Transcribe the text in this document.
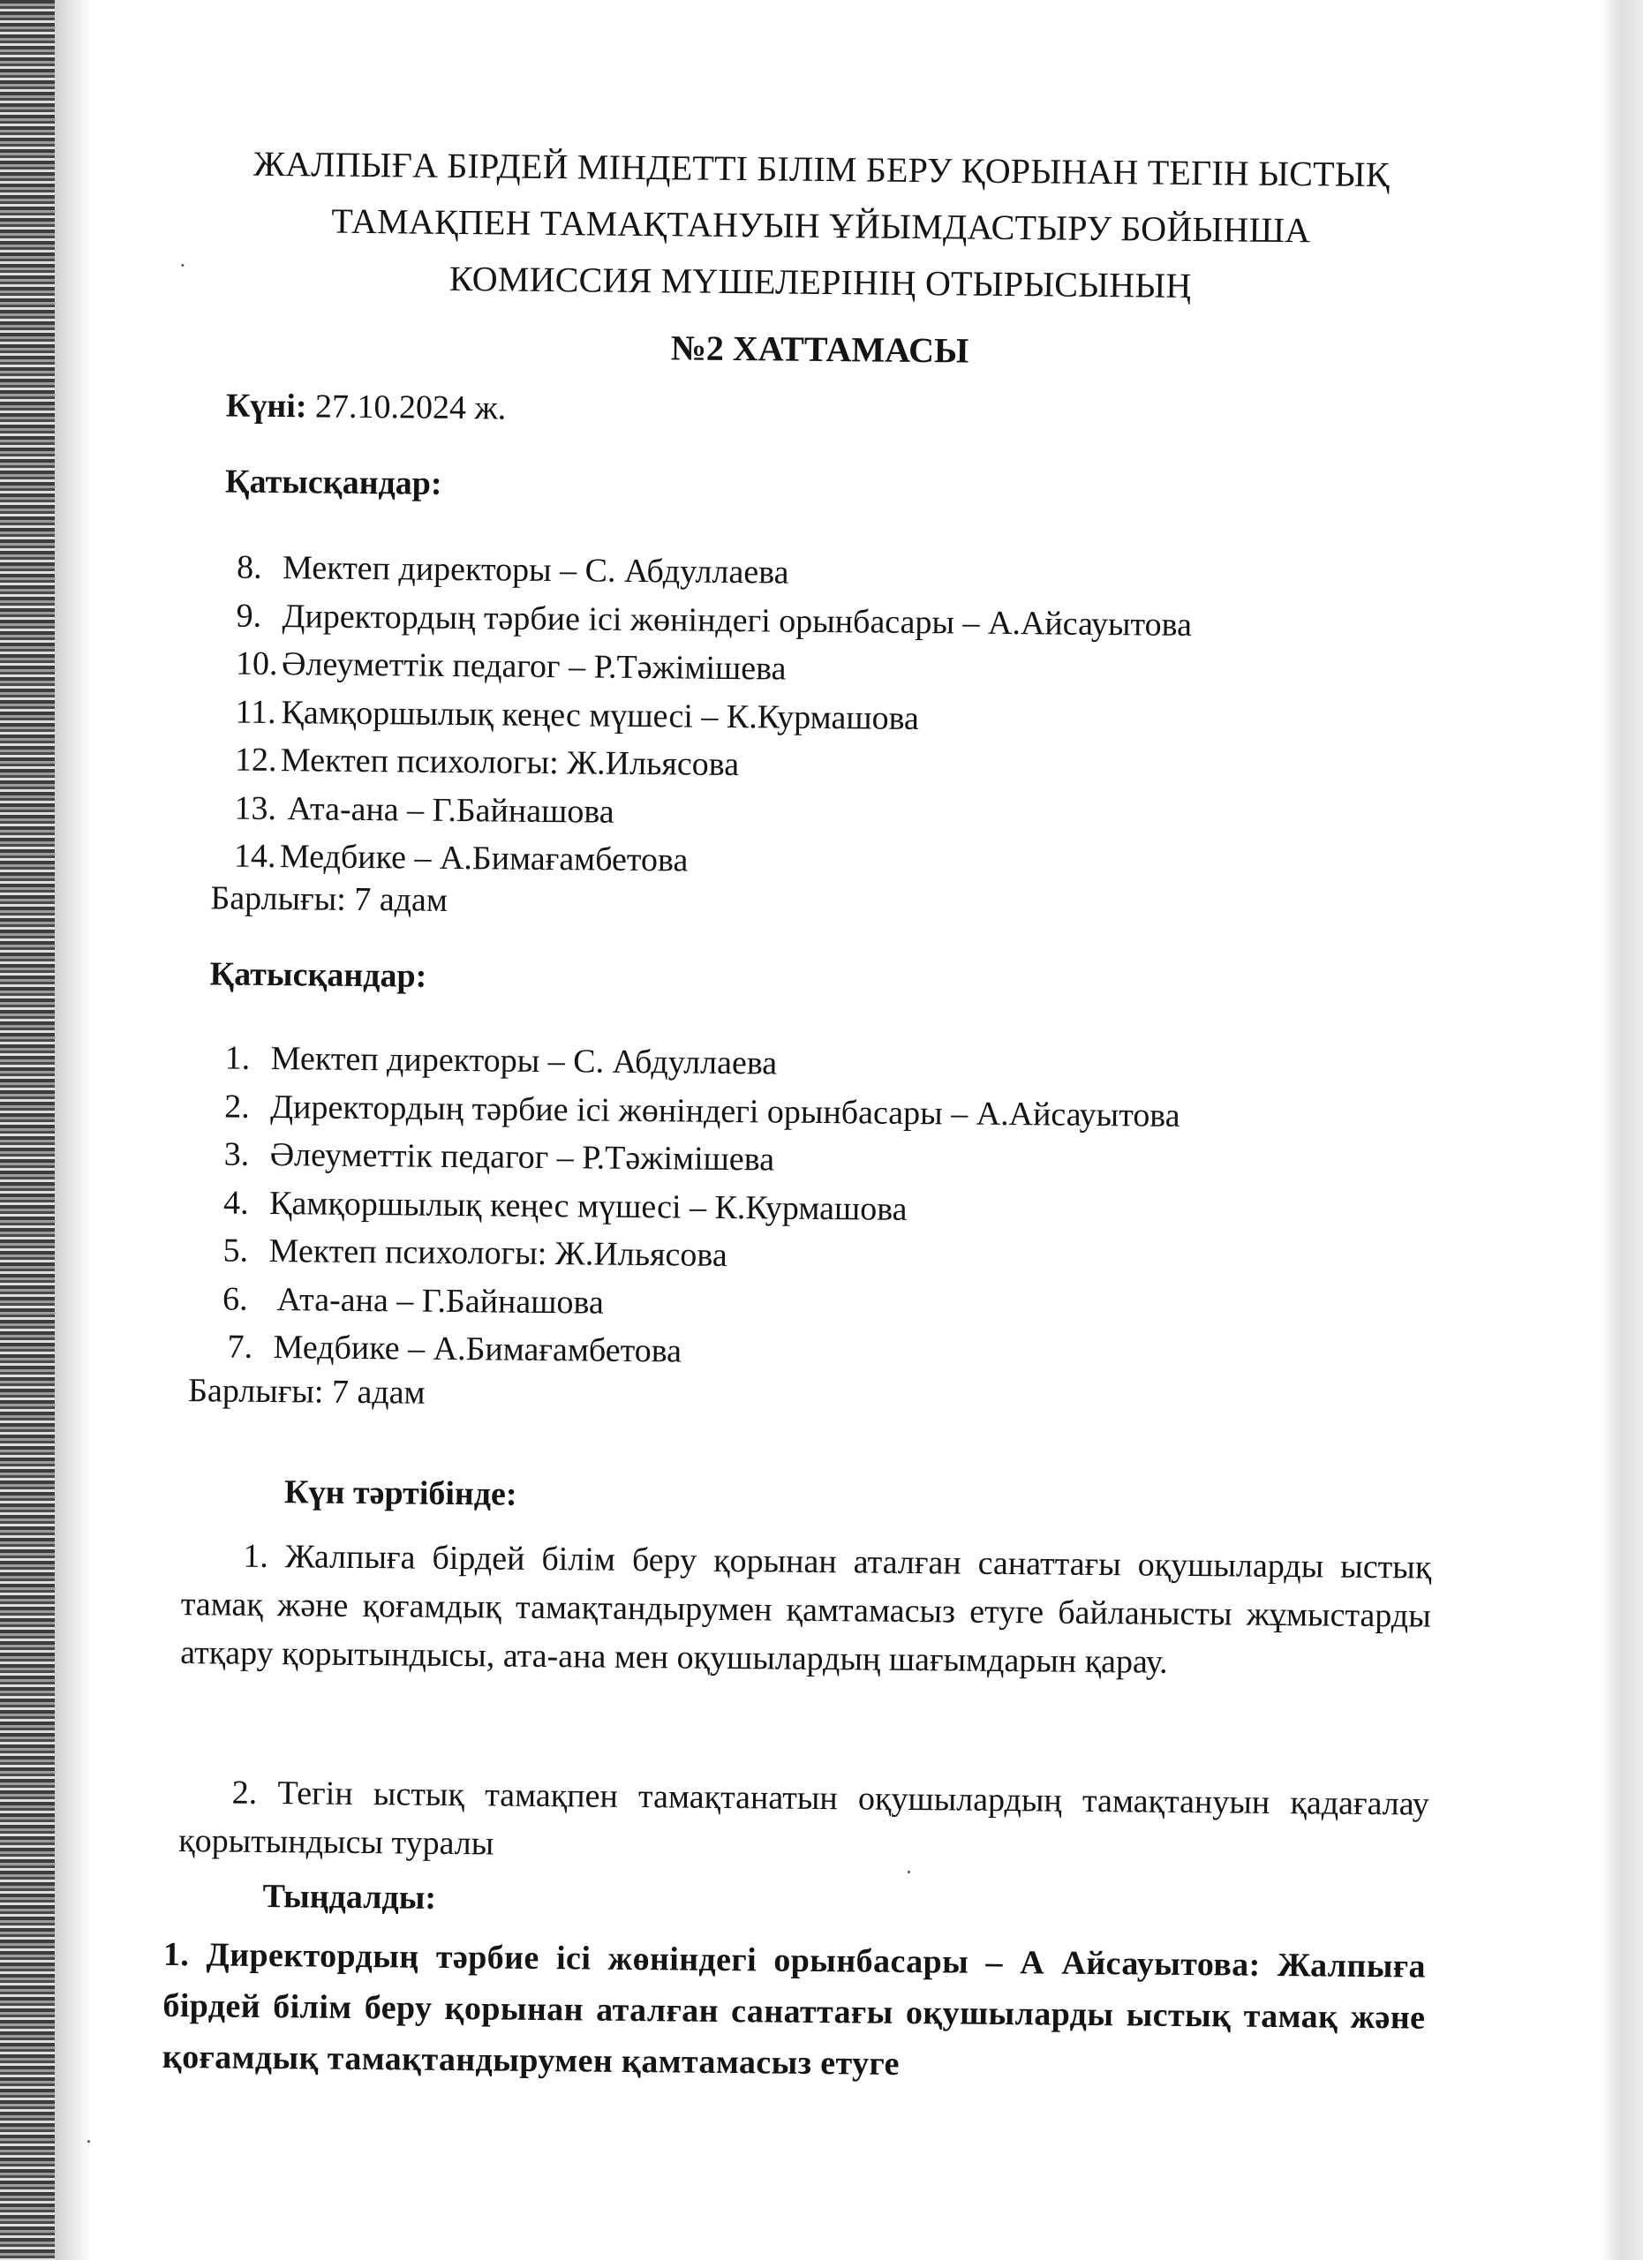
ЖАЛПЫҒА БІРДЕЙ МІНДЕТТІ БІЛІМ БЕРУ ҚОРЫНАН ТЕГІН ЫСТЫҚ
ТАМАҚПЕН ТАМАҚТАНУЫН ҰЙЫМДАСТЫРУ БОЙЫНША
КОМИССИЯ МҮШЕЛЕРІНІҢ ОТЫРЫСЫНЫҢ
№2 ХАТТАМАСЫ
Күні: 27.10.2024 ж.
Қатысқандар:
8. Мектеп директоры – С. Абдуллаева
9. Директордың тәрбие ісі жөніндегі орынбасары – А.Айсауытова
10. Әлеуметтік педагог – Р.Тәжімішева
11. Қамқоршылық кеңес мүшесі – К.Курмашова
12. Мектеп психологы: Ж.Ильясова
13. Ата-ана – Г.Байнашова
14. Медбике – А.Бимағамбетова
Барлығы: 7 адам
Қатысқандар:
1. Мектеп директоры – С. Абдуллаева
2. Директордың тәрбие ісі жөніндегі орынбасары – А.Айсауытова
3. Әлеуметтік педагог – Р.Тәжімішева
4. Қамқоршылық кеңес мүшесі – К.Курмашова
5. Мектеп психологы: Ж.Ильясова
6. Ата-ана – Г.Байнашова
7. Медбике – А.Бимағамбетова
Барлығы: 7 адам
Күн тәртібінде:
1. Жалпыға бірдей білім беру қорынан аталған санаттағы оқушыларды ыстық тамақ және қоғамдық тамақтандырумен қамтамасыз етуге байланысты жұмыстарды атқару қорытындысы, ата-ана мен оқушылардың шағымдарын қарау.
2. Тегін ыстық тамақпен тамақтанатын оқушылардың тамақтануын қадағалау қорытындысы туралы
Тыңдалды:
1. Директордың тәрбие ісі жөніндегі орынбасары – А Айсауытова: Жалпыға бірдей білім беру қорынан аталған санаттағы оқушыларды ыстық тамақ және қоғамдық тамақтандырумен қамтамасыз етуге
